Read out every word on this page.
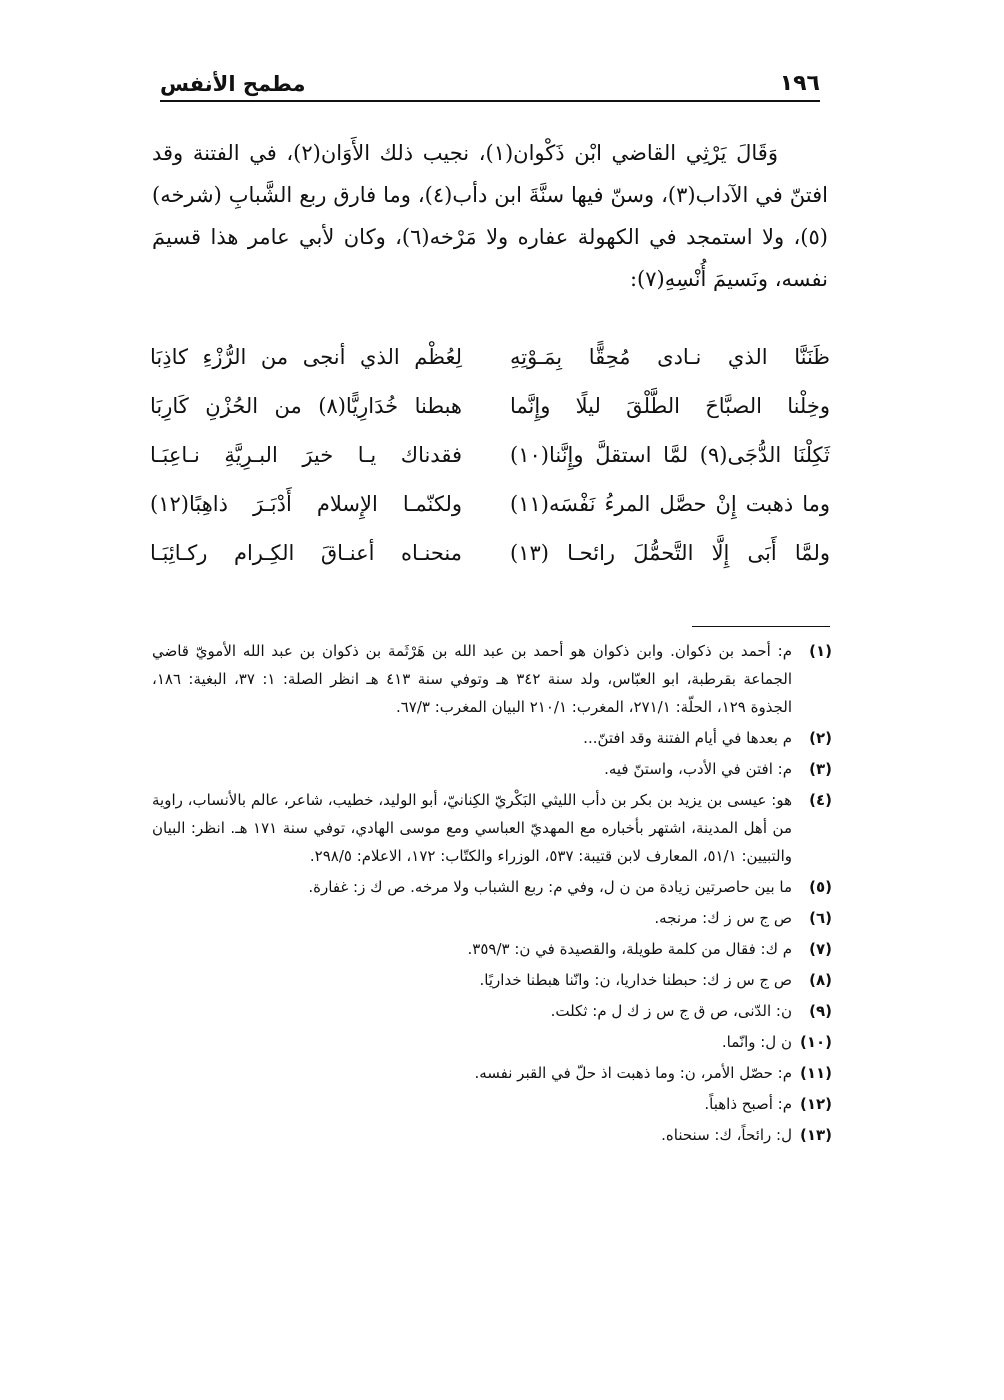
١٩٦
مطمح الأنفس

وَقَالَ يَرْثِي القاضي ابْن ذَكْوان(١)، نجيب ذلك الأَوَان(٢)، في الفتنة وقد افتنّ في الآداب(٣)، وسنّ فيها سنَّةَ ابن دأب(٤)، وما فارق ربع الشَّبابِ (شرخه)(٥)، ولا استمجد في الكهولة عفاره ولا مَرْخه(٦)، وكان لأبي عامر هذا قسيمَ نفسه، ونَسيمَ أُنْسِهِ(٧):

ظَنَنَّا الذي نـادى مُحِقًّا بِمَـوْتِهِ
لِعُظْم الذي أنجى من الرُّزْءِ كاذِبَا
وخِلْنا الصبَّاحَ الطَّلْقَ ليلًا وإِنَّما
هبطنا خُدَارِيًّا(٨) من الحُزْنِ كَارِبَا
ثَكِلْنَا الدُّجَى(٩) لمَّا استقلَّ وإِنَّنا(١٠)
فقدناك يـا خيرَ البـرِيَّةِ نـاعِبَـا
وما ذهبت إِنْ حصَّل المرءُ نَفْسَه(١١)
ولكنّمـا الإِسلام أَدْبَـرَ ذاهِبًا(١٢)
ولمَّا أَبَى إِلَّا التَّحمُّلَ رائحـا (١٣)
منحنـاه أعنـاقَ الكِـرام ركـائِبَـا

(١)م: أحمد بن ذكوان. وابن ذكوان هو أحمد بن عبد الله بن هَرْثَمة بن ذكوان بن عبد الله الأمويّ قاضي الجماعة بقرطبة، ابو العبّاس، ولد سنة ٣٤٢ هـ وتوفي سنة ٤١٣ هـ انظر الصلة: ١: ٣٧، البغية: ١٨٦، الجذوة ١٢٩، الحلّة: ٢٧١/١، المغرب: ٢١٠/١ البيان المغرب: ٦٧/٣.

(٢)م بعدها في أيام الفتنة وقد افتنّ...

(٣)م: افتن في الأدب، واستنّ فيه.

(٤)هو: عيسى بن يزيد بن بكر بن دأب الليثي البَكْريّ الكِنانيّ، أبو الوليد، خطيب، شاعر، عالم بالأنساب، راوية من أهل المدينة، اشتهر بأخباره مع المهديّ العباسي ومع موسى الهادي، توفي سنة ١٧١ هـ. انظر: البيان والتبيين: ٥١/١، المعارف لابن قتيبة: ٥٣٧، الوزراء والكتّاب: ١٧٢، الاعلام: ٢٩٨/٥.

(٥)ما بين حاصرتين زيادة من ن ل، وفي م: ربع الشباب ولا مرخه. ص ك ز: غفارة.

(٦)ص ج س ز ك: مرنجه.

(٧)م ك: فقال من كلمة طويلة، والقصيدة في ن: ٣٥٩/٣.

(٨)ص ج س ز ك: حبطنا خداريا، ن: وانّنا هبطنا خداريًا.

(٩)ن: الدّنى، ص ق ج س ز ك ل م: ثكلت.

(١٠)ن ل: وانّما.

(١١)م: حصّل الأمر، ن: وما ذهبت اذ حلّ في القبر نفسه.

(١٢)م: أصبح ذاهباً.

(١٣)ل: رائحاً، ك: سنحناه.
